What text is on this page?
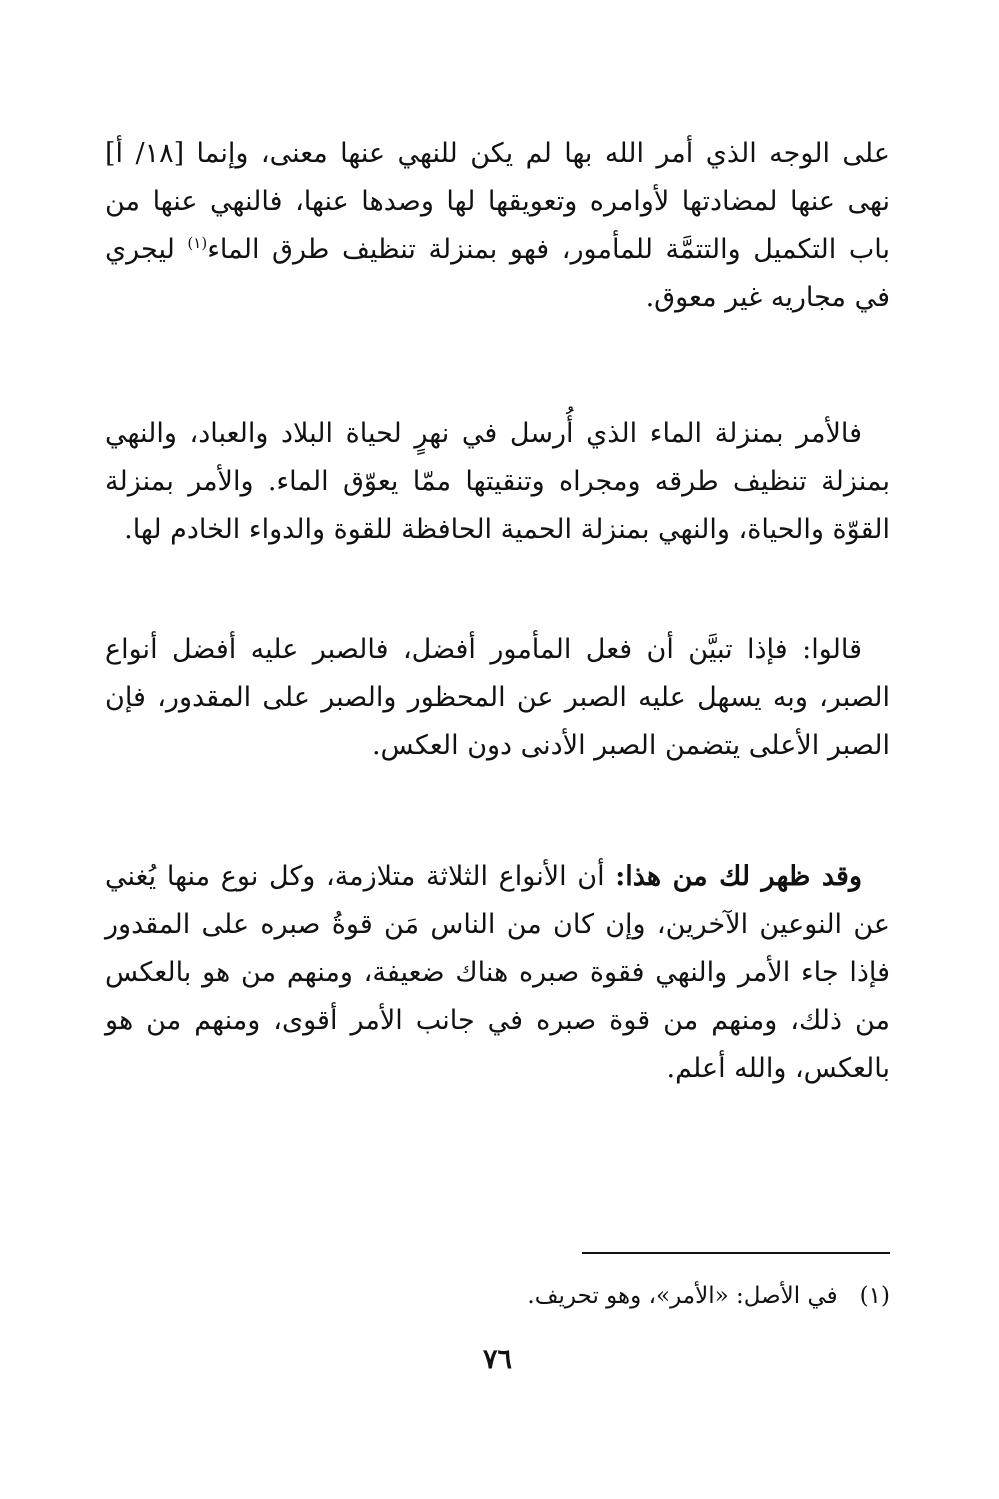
على الوجه الذي أمر الله بها لم يكن للنهي عنها معنى، وإنما [١٨/ أ] نهى عنها لمضادتها لأوامره وتعويقها لها وصدها عنها، فالنهي عنها من باب التكميل والتتمَّة للمأمور، فهو بمنزلة تنظيف طرق الماء$^{(١)}$ ليجري في مجاريه غير معوق.

فالأمر بمنزلة الماء الذي أُرسل في نهرٍ لحياة البلاد والعباد، والنهي بمنزلة تنظيف طرقه ومجراه وتنقيتها ممّا يعوّق الماء. والأمر بمنزلة القوّة والحياة، والنهي بمنزلة الحمية الحافظة للقوة والدواء الخادم لها.

قالوا: فإذا تبيَّن أن فعل المأمور أفضل، فالصبر عليه أفضل أنواع الصبر، وبه يسهل عليه الصبر عن المحظور والصبر على المقدور، فإن الصبر الأعلى يتضمن الصبر الأدنى دون العكس.

وقد ظهر لك من هذا: أن الأنواع الثلاثة متلازمة، وكل نوع منها يُغني عن النوعين الآخرين، وإن كان من الناس مَن قوةُ صبره على المقدور فإذا جاء الأمر والنهي فقوة صبره هناك ضعيفة، ومنهم من هو بالعكس من ذلك، ومنهم من قوة صبره في جانب الأمر أقوى، ومنهم من هو بالعكس، والله أعلم.

(١)في الأصل: «الأمر»، وهو تحريف.

٧٦
